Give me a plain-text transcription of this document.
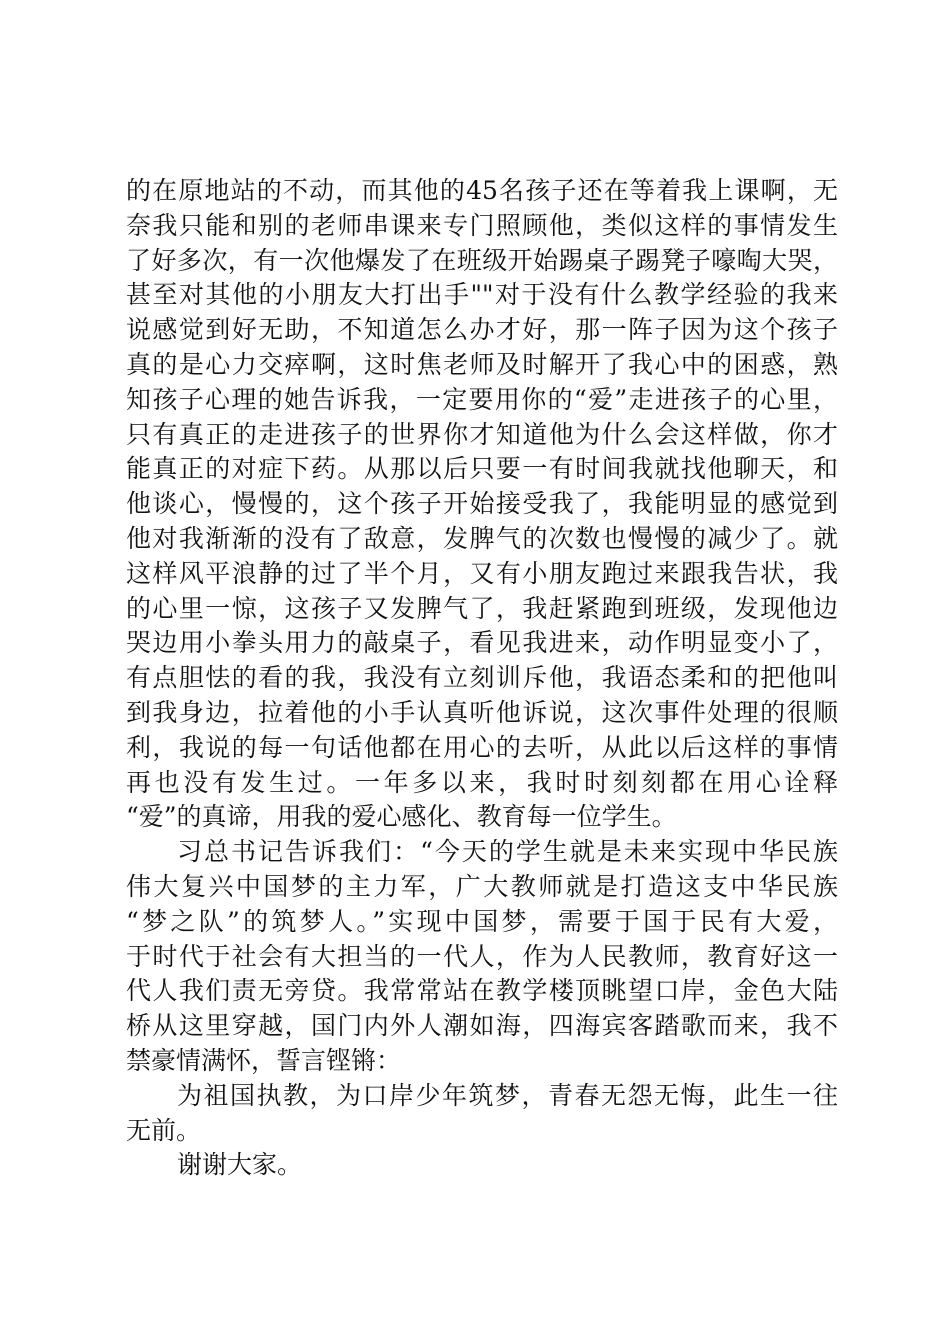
的在原地站的不动，而其他的45名孩子还在等着我上课啊，无
奈我只能和别的老师串课来专门照顾他，类似这样的事情发生
了好多次，有一次他爆发了在班级开始踢桌子踢凳子嚎啕大哭，
甚至对其他的小朋友大打出手""对于没有什么教学经验的我来
说感觉到好无助，不知道怎么办才好，那一阵子因为这个孩子
真的是心力交瘁啊，这时焦老师及时解开了我心中的困惑，熟
知孩子心理的她告诉我，一定要用你的“爱”走进孩子的心里，
只有真正的走进孩子的世界你才知道他为什么会这样做，你才
能真正的对症下药。从那以后只要一有时间我就找他聊天，和
他谈心，慢慢的，这个孩子开始接受我了，我能明显的感觉到
他对我渐渐的没有了敌意，发脾气的次数也慢慢的减少了。就
这样风平浪静的过了半个月，又有小朋友跑过来跟我告状，我
的心里一惊，这孩子又发脾气了，我赶紧跑到班级，发现他边
哭边用小拳头用力的敲桌子，看见我进来，动作明显变小了，
有点胆怯的看的我，我没有立刻训斥他，我语态柔和的把他叫
到我身边，拉着他的小手认真听他诉说，这次事件处理的很顺
利，我说的每一句话他都在用心的去听，从此以后这样的事情
再也没有发生过。一年多以来，我时时刻刻都在用心诠释
“爱”的真谛，用我的爱心感化、教育每一位学生。
习总书记告诉我们：“今天的学生就是未来实现中华民族
伟大复兴中国梦的主力军，广大教师就是打造这支中华民族
“梦之队”的筑梦人。”实现中国梦，需要于国于民有大爱，
于时代于社会有大担当的一代人，作为人民教师，教育好这一
代人我们责无旁贷。我常常站在教学楼顶眺望口岸，金色大陆
桥从这里穿越，国门内外人潮如海，四海宾客踏歌而来，我不
禁豪情满怀，誓言铿锵：
为祖国执教，为口岸少年筑梦，青春无怨无悔，此生一往
无前。
谢谢大家。
